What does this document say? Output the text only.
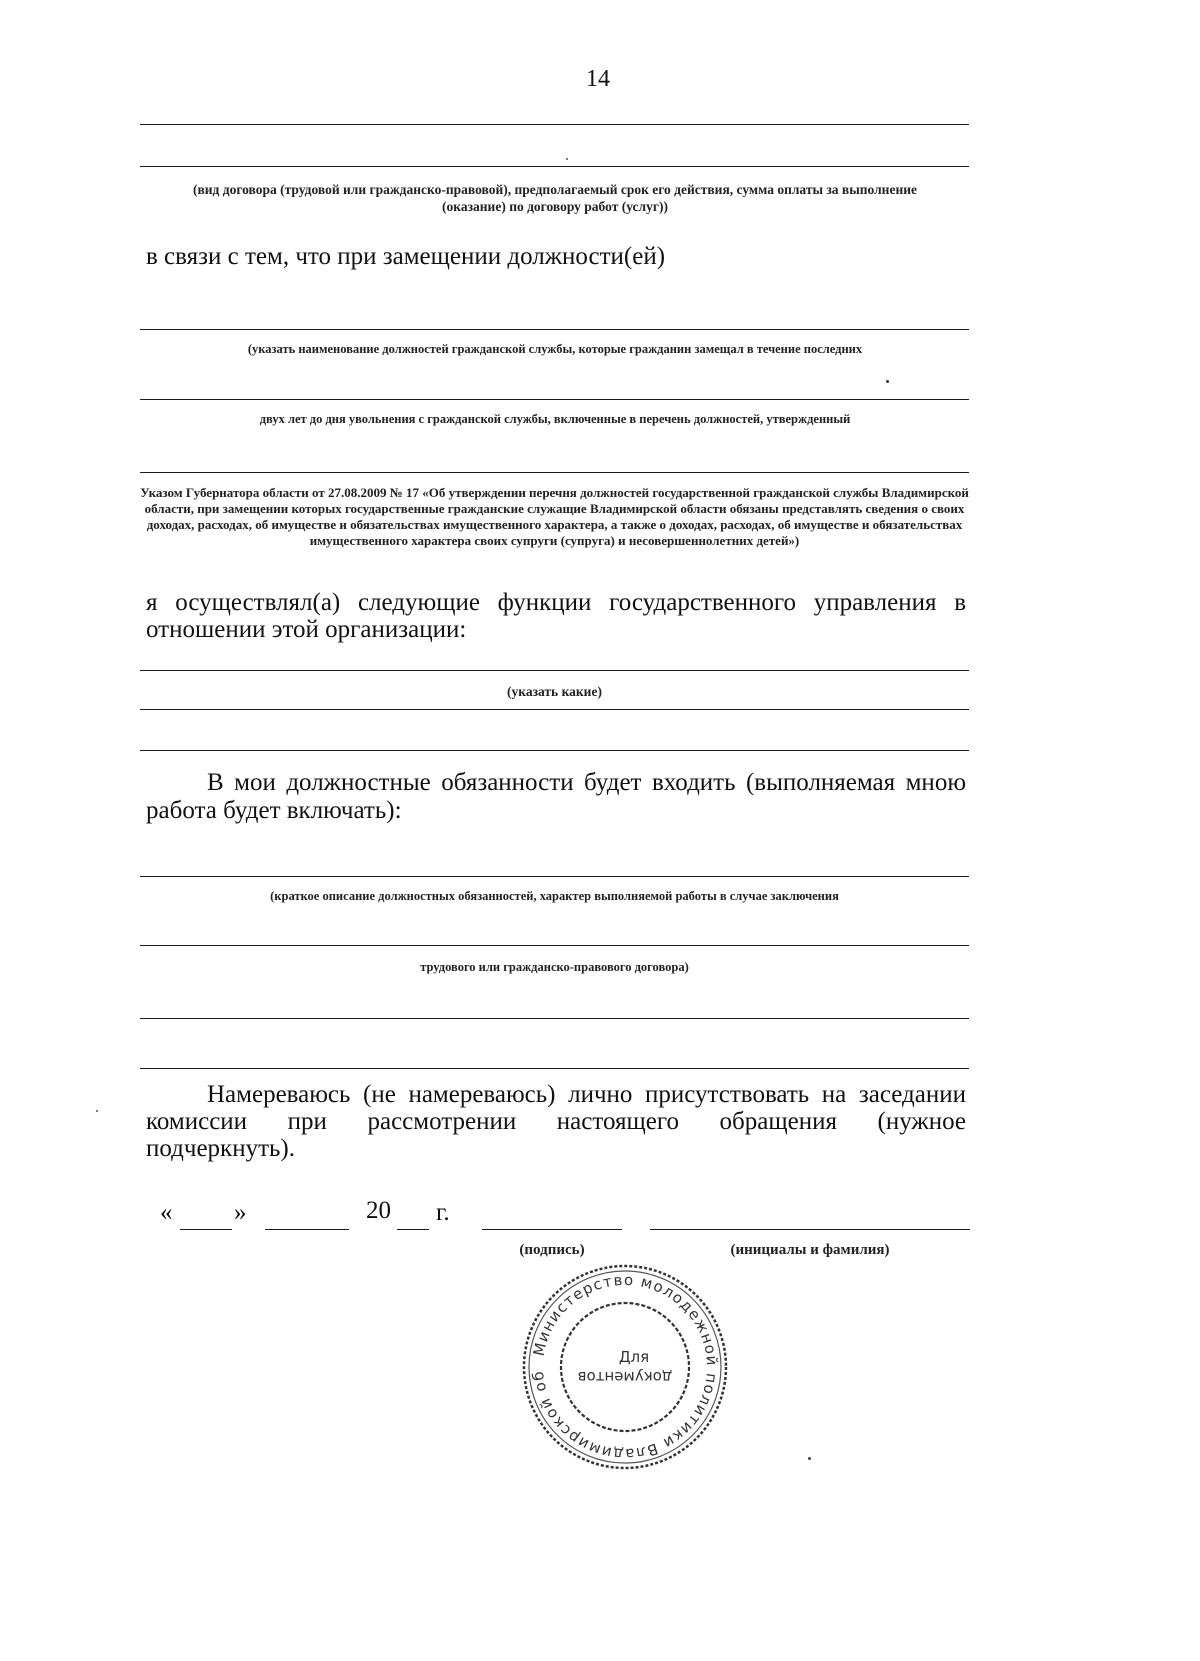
14
(вид договора (трудовой или гражданско-правовой), предполагаемый срок его действия, сумма оплаты за выполнение (оказание) по договору работ (услуг))
в связи с тем, что при замещении должности(ей)
(указать наименование должностей гражданской службы, которые гражданин замещал в течение последних
двух лет до дня увольнения с гражданской службы, включенные в перечень должностей, утвержденный
Указом Губернатора области от 27.08.2009 № 17 «Об утверждении перечня должностей государственной гражданской службы Владимирской области, при замещении которых государственные гражданские служащие Владимирской области обязаны представлять сведения о своих доходах, расходах, об имуществе и обязательствах имущественного характера, а также о доходах, расходах, об имуществе и обязательствах имущественного характера своих супруги (супруга) и несовершеннолетних детей»)
я осуществлял(а) следующие функции государственного управления в
отношении этой организации:
(указать какие)
В мои должностные обязанности будет входить (выполняемая мною
работа будет включать):
(краткое описание должностных обязанностей, характер выполняемой работы в случае заключения
трудового или гражданско-правового договора)
Намереваюсь (не намереваюсь) лично присутствовать на заседании
комиссии при рассмотрении настоящего обращения (нужное
подчеркнуть).
« »	20 г.
(подпись)	(инициалы и фамилия)
Министерство молодежной политики Владимирской об
Для
документов
